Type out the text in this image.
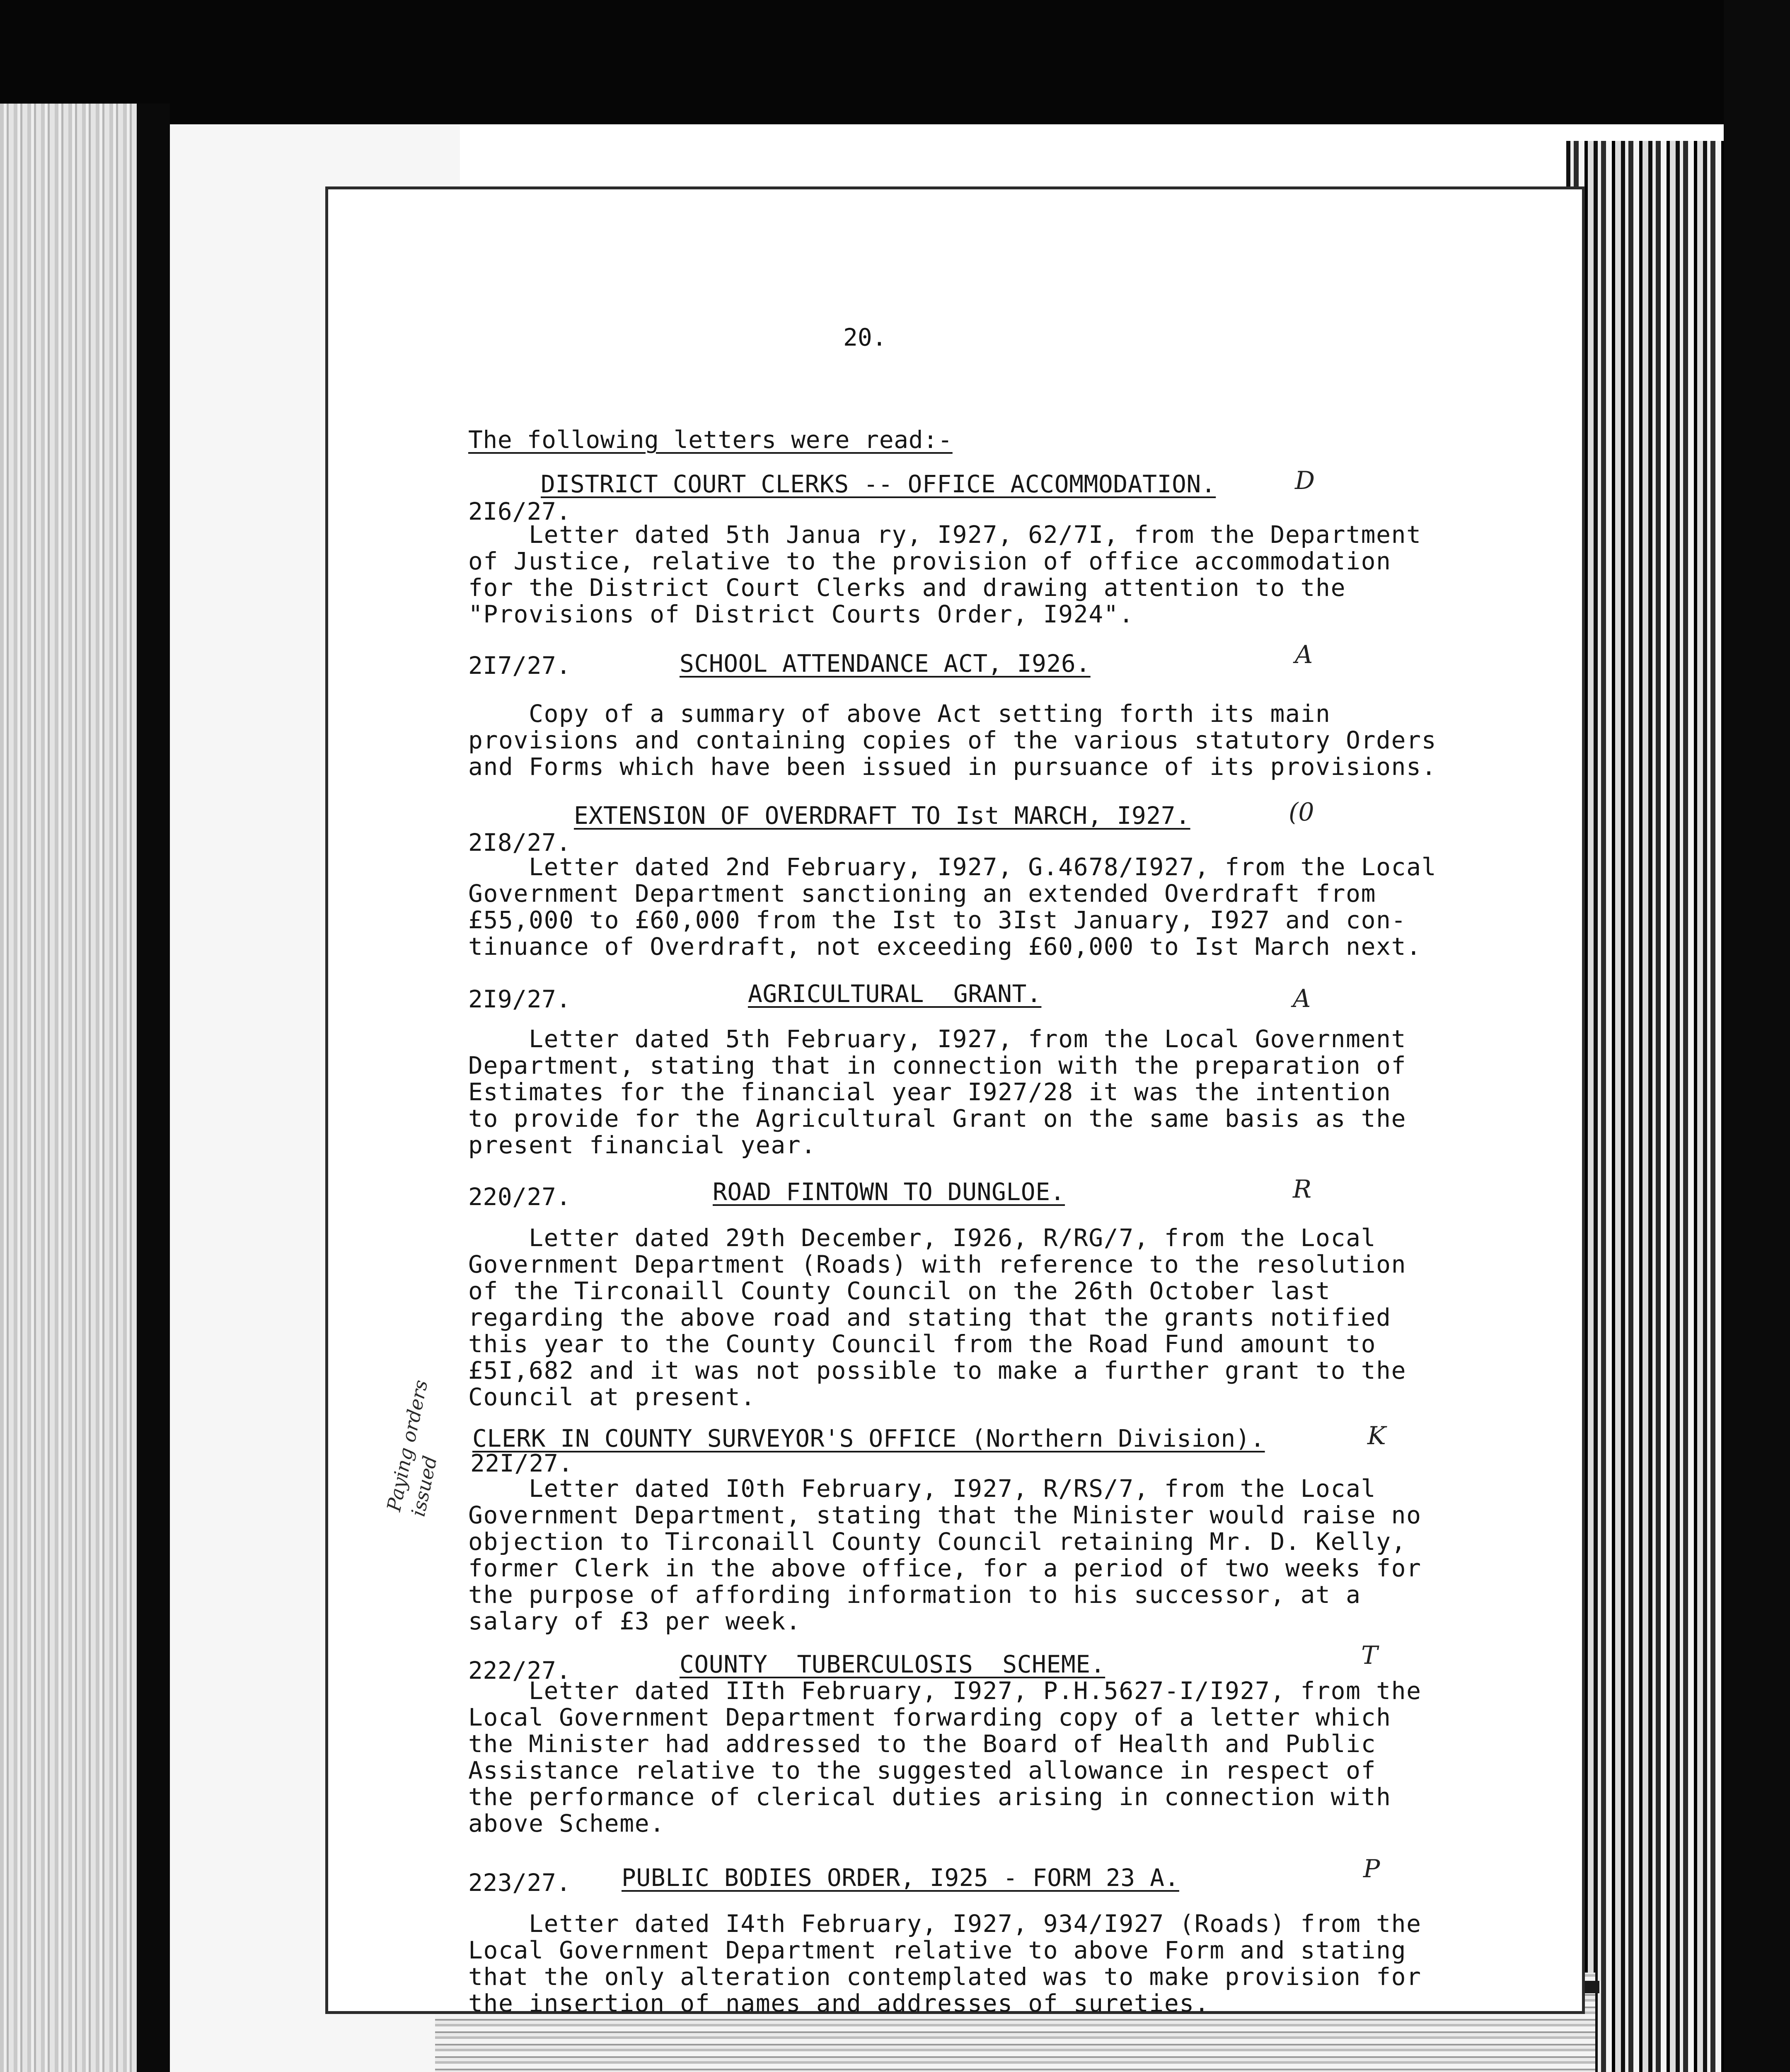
20.
The following letters were read:-
DISTRICT COURT CLERKS -- OFFICE ACCOMMODATION.	D
2I6/27.
Letter dated 5th Janua ry, I927, 62/7I, from the Department
of Justice, relative to the provision of office accommodation
for the District Court Clerks and drawing attention to the
"Provisions of District Courts Order, I924".
2I7/27.	SCHOOL ATTENDANCE ACT, I926.	A
Copy of a summary of above Act setting forth its main
provisions and containing copies of the various statutory Orders
and Forms which have been issued in pursuance of its provisions.
EXTENSION OF OVERDRAFT TO Ist MARCH, I927.	(0
2I8/27.
Letter dated 2nd February, I927, G.4678/I927, from the Local
Government Department sanctioning an extended Overdraft from
£55,000 to £60,000 from the Ist to 3Ist January, I927 and con-
tinuance of Overdraft, not exceeding £60,000 to Ist March next.
2I9/27.	AGRICULTURAL  GRANT.	A
Letter dated 5th February, I927, from the Local Government
Department, stating that in connection with the preparation of
Estimates for the financial year I927/28 it was the intention
to provide for the Agricultural Grant on the same basis as the
present financial year.
220/27.	ROAD FINTOWN TO DUNGLOE.	R
Letter dated 29th December, I926, R/RG/7, from the Local
Government Department (Roads) with reference to the resolution
of the Tirconaill County Council on the 26th October last
regarding the above road and stating that the grants notified
this year to the County Council from the Road Fund amount to
£5I,682 and it was not possible to make a further grant to the
Council at present.
CLERK IN COUNTY SURVEYOR'S OFFICE (Northern Division).	K
22I/27.
Letter dated I0th February, I927, R/RS/7, from the Local
Government Department, stating that the Minister would raise no
objection to Tirconaill County Council retaining Mr. D. Kelly,
former Clerk in the above office, for a period of two weeks for
the purpose of affording information to his successor, at a
salary of £3 per week.
Paying orders
issued
222/27.	COUNTY  TUBERCULOSIS  SCHEME.	T
Letter dated IIth February, I927, P.H.5627-I/I927, from the
Local Government Department forwarding copy of a letter which
the Minister had addressed to the Board of Health and Public
Assistance relative to the suggested allowance in respect of
the performance of clerical duties arising in connection with
above Scheme.
223/27. PUBLIC BODIES ORDER, I925 - FORM 23 A.	P
Letter dated I4th February, I927, 934/I927 (Roads) from the
Local Government Department relative to above Form and stating
that the only alteration contemplated was to make provision for
the insertion of names and addresses of sureties.
